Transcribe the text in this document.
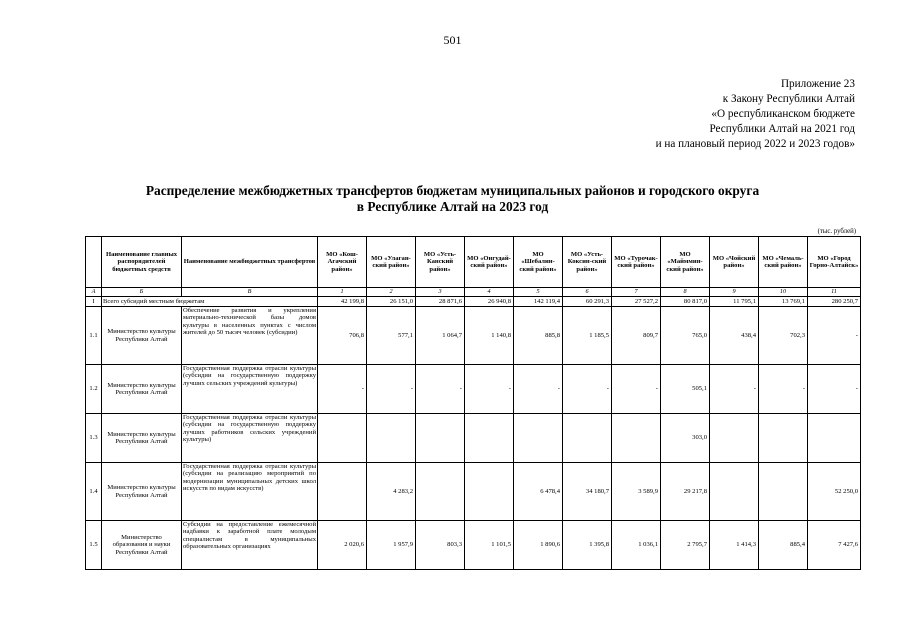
501
Приложение 23
к Закону Республики Алтай
«О республиканском бюджете
Республики Алтай на 2021 год
и на плановый период 2022 и 2023 годов»
Распределение межбюджетных трансфертов бюджетам муниципальных районов и городского округа
в Республике Алтай на 2023 год
(тыс. рублей)
	Наименование главных распорядителей бюджетных средств	Наименование межбюджетных трансфертов	МО «Кош-Агачский район»	МО «Улаган-ский район»	МО «Усть-Канский район»	МО «Онгудай-ский район»	МО «Шебалин-ский район»	МО «Усть-Коксин-ский район»	МО «Турочак-ский район»	МО «Майммин-ский район»	МО «Чойский район»	МО «Чемаль-ский район»	МО «Город Горно-Алтайск»
А	Б	В	1	2	3	4	5	6	7	8	9	10	11
I	Всего субсидий местным бюджетам		42 199,8	26 151,0	28 871,6	26 940,8	142 119,4	60 291,3	27 527,2	80 817,0	11 795,1	13 769,1	280 250,7
1.1	Министерство культуры Республики Алтай	Обеспечение развития и укрепления материально-технической базы домов культуры в населенных пунктах с числом жителей до 50 тысяч человек (субсидии)	706,8	577,1	1 064,7	1 140,8	885,8	1 185,5	809,7	765,0	438,4	702,3	-
1.2	Министерство культуры Республики Алтай	Государственная поддержка отрасли культуры (субсидии на государственную поддержку лучших сельских учреждений культуры)	-	-	-	-	-	-	-	505,1	-	-	-
1.3	Министерство культуры Республики Алтай	Государственная поддержка отрасли культуры (субсидии на государственную поддержку лучших работников сельских учреждений культуры)								303,0			
1.4	Министерство культуры Республики Алтай	Государственная поддержка отрасли культуры (субсидии на реализацию мероприятий по модернизации муниципальных детских школ искусств по видам искусств)		4 283,2			6 478,4	34 180,7	3 589,9	29 217,8			52 250,0
1.5	Министерство образования и науки Республики Алтай	Субсидии на предоставление ежемесячной надбавки к заработной плате молодым специалистам в муниципальных образовательных организациях	2 020,6	1 957,9	803,3	1 101,5	1 890,6	1 395,8	1 036,1	2 795,7	1 414,3	885,4	7 427,6
